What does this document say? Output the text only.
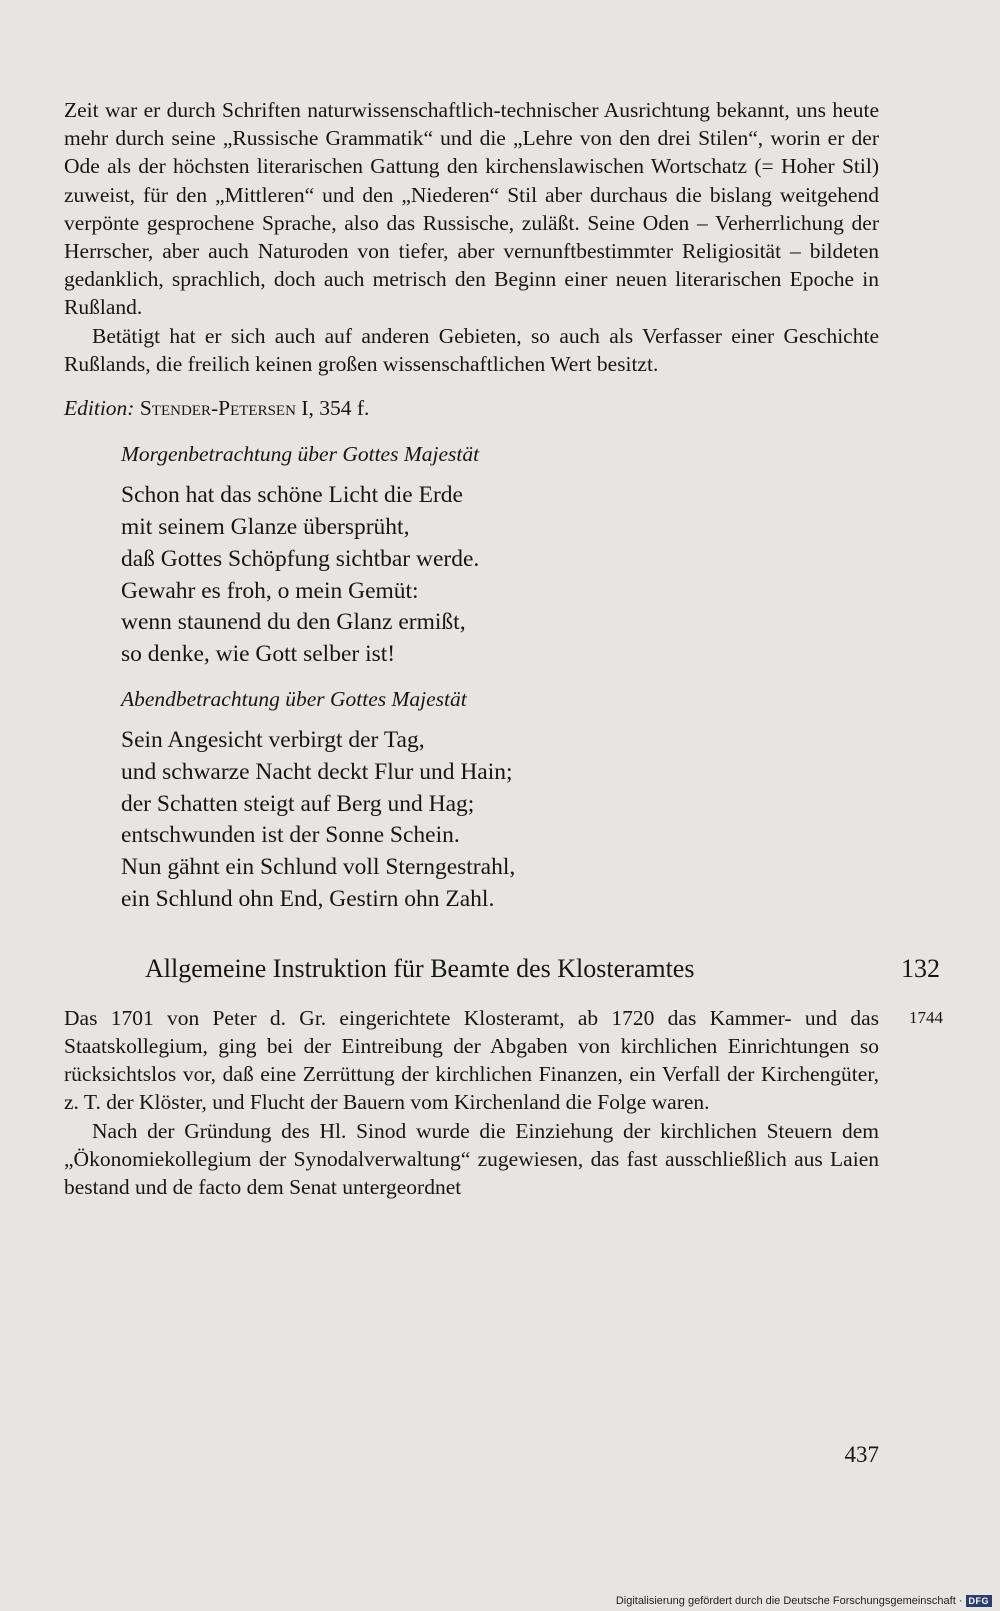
Zeit war er durch Schriften naturwissenschaftlich-technischer Ausrichtung bekannt, uns heute mehr durch seine „Russische Grammatik“ und die „Lehre von den drei Stilen“, worin er der Ode als der höchsten literarischen Gattung den kirchenslawischen Wortschatz (= Hoher Stil) zuweist, für den „Mittleren“ und den „Niederen“ Stil aber durchaus die bislang weitgehend verpönte gesprochene Sprache, also das Russische, zuläßt. Seine Oden – Verherrlichung der Herrscher, aber auch Naturoden von tiefer, aber vernunftbestimmter Religiosität – bildeten gedanklich, sprachlich, doch auch metrisch den Beginn einer neuen literarischen Epoche in Rußland.

Betätigt hat er sich auch auf anderen Gebieten, so auch als Verfasser einer Geschichte Rußlands, die freilich keinen großen wissenschaftlichen Wert besitzt.

Edition: Stender-Petersen I, 354 f.

Morgenbetrachtung über Gottes Majestät

Schon hat das schöne Licht die Erde
mit seinem Glanze übersprüht,
daß Gottes Schöpfung sichtbar werde.
Gewahr es froh, o mein Gemüt:
wenn staunend du den Glanz ermißt,
so denke, wie Gott selber ist!

Abendbetrachtung über Gottes Majestät

Sein Angesicht verbirgt der Tag,
und schwarze Nacht deckt Flur und Hain;
der Schatten steigt auf Berg und Hag;
entschwunden ist der Sonne Schein.
Nun gähnt ein Schlund voll Sterngestrahl,
ein Schlund ohn End, Gestirn ohn Zahl.
Allgemeine Instruktion für Beamte des Klosteramtes	132
1744

Das 1701 von Peter d. Gr. eingerichtete Klosteramt, ab 1720 das Kammer- und das Staatskollegium, ging bei der Eintreibung der Abgaben von kirchlichen Einrichtungen so rücksichtslos vor, daß eine Zerrüttung der kirchlichen Finanzen, ein Verfall der Kirchengüter, z. T. der Klöster, und Flucht der Bauern vom Kirchenland die Folge waren.

Nach der Gründung des Hl. Sinod wurde die Einziehung der kirchlichen Steuern dem „Ökonomiekollegium der Synodalverwaltung“ zugewiesen, das fast ausschließlich aus Laien bestand und de facto dem Senat untergeordnet

437
Digitalisierung gefördert durch die Deutsche Forschungsgemeinschaft · DFG
